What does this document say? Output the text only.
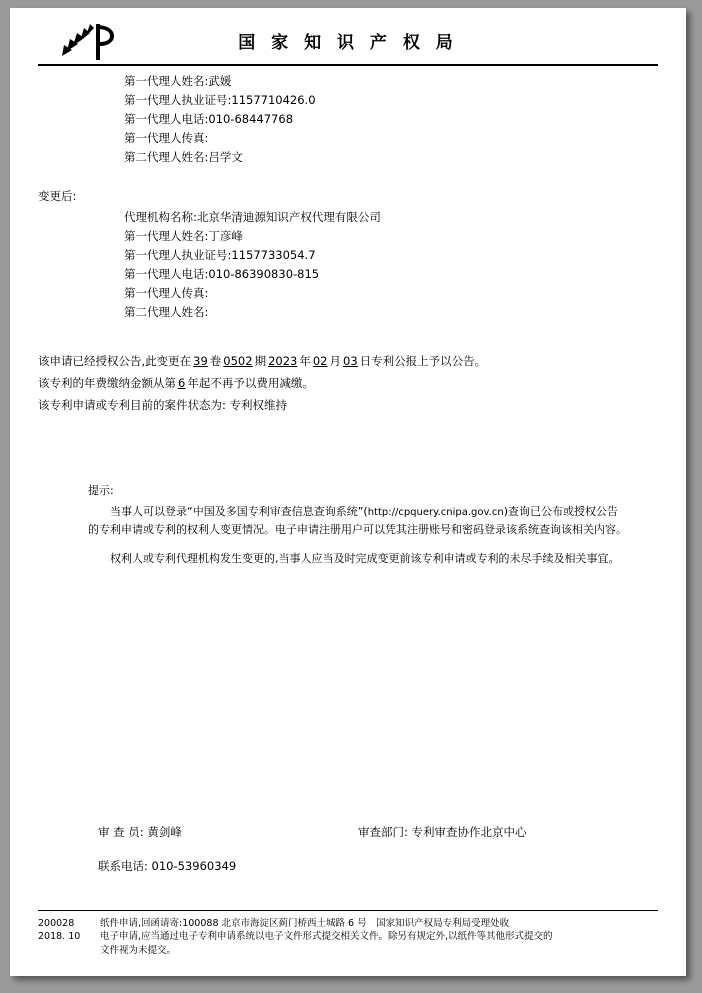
国 家 知 识 产 权 局
第一代理人姓名:武媛
第一代理人执业证号:1157710426.0
第一代理人电话:010-68447768
第一代理人传真:
第二代理人姓名:吕学文
变更后:
代理机构名称:北京华清迪源知识产权代理有限公司
第一代理人姓名:丁彦峰
第一代理人执业证号:1157733054.7
第一代理人电话:010-86390830-815
第一代理人传真:
第二代理人姓名:
该申请已经授权公告,此变更在 39 卷 0502 期 2023 年 02 月 03 日专利公报上予以公告。
该专利的年费缴纳金额从第 6 年起不再予以费用减缴。
该专利申请或专利目前的案件状态为: 专利权维持
提示:
当事人可以登录“中国及多国专利审查信息查询系统”(http://cpquery.cnipa.gov.cn)查询已公布或授权公告的专利申请或专利的权利人变更情况。电子申请注册用户可以凭其注册账号和密码登录该系统查询该相关内容。
权利人或专利代理机构发生变更的,当事人应当及时完成变更前该专利申请或专利的未尽手续及相关事宜。
审 查 员: 黄剑峰	审查部门: 专利审查协作北京中心
联系电话: 010-53960349
200028
2018. 10
纸件申请,回函请寄:100088 北京市海淀区蓟门桥西土城路 6 号　国家知识产权局专利局受理处收
电子申请,应当通过电子专利申请系统以电子文件形式提交相关文件。除另有规定外,以纸件等其他形式提交的
文件视为未提交。
